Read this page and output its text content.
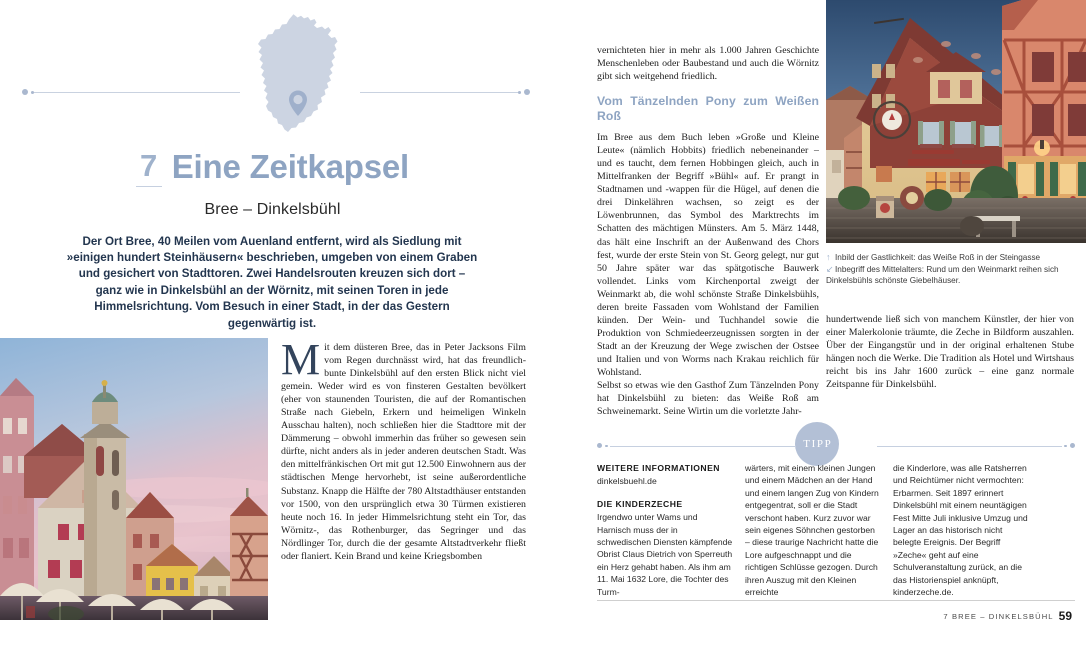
7 Eine Zeitkapsel
Bree – Dinkelsbühl

Der Ort Bree, 40 Meilen vom Auenland entfernt, wird als Siedlung mit »einigen hundert Steinhäusern« beschrieben, umgeben von einem Graben und gesichert von Stadttoren. Zwei Handelsrouten kreuzen sich dort – ganz wie in Dinkelsbühl an der Wörnitz, mit seinen Toren in jede Himmelsrichtung. Vom Besuch in einer Stadt, in der das Gestern gegenwärtig ist.

↑ Inbild der Gastlichkeit: das Weiße Roß in der Steingasse
↙Inbegriff des Mittelalters: Rund um den Weinmarkt reihen sich Dinkelsbühls schönste Giebelhäuser.
Mit dem düsteren Bree, das in Peter Jacksons Film vom Regen durchnässt wird, hat das freundlich-bunte Dinkelsbühl auf den ersten Blick nicht viel gemein. Weder wird es von finsteren Gestalten bevölkert (eher von staunenden Touristen, die auf der Romantischen Straße nach Giebeln, Erkern und heimeligen Winkeln Ausschau halten), noch schließen hier die Stadttore mit der Dämmerung – obwohl immerhin das früher so gewesen sein dürfte, nicht anders als in jeder anderen deutschen Stadt. Was den mittelfränkischen Ort mit gut 12.500 Einwohnern aus der städtischen Menge hervorhebt, ist seine außerordentliche Substanz. Knapp die Hälfte der 780 Altstadthäuser entstanden vor 1500, von den ursprünglich etwa 30 Türmen existieren heute noch 16. In jeder Himmelsrichtung steht ein Tor, das Wörnitz-, das Rothenburger, das Segringer und das Nördlinger Tor, durch die der gesamte Altstadtverkehr fließt oder flaniert. Kein Brand und keine Kriegsbomben

vernichteten hier in mehr als 1.000 Jahren Geschichte Menschenleben oder Baubestand und auch die Wörnitz gibt sich weitgehend friedlich.

Vom Tänzelnden Pony zum Weißen Roß

Im Bree aus dem Buch leben »Große und Kleine Leute« (nämlich Hobbits) friedlich nebeneinander – und es taucht, dem fernen Hobbingen gleich, auch in Mittelfranken der Begriff »Bühl« auf. Er prangt in Stadtnamen und -wappen für die Hügel, auf denen die drei Dinkelähren wachsen, so zeigt es der Löwenbrunnen, das Symbol des Marktrechts im Schatten des mächtigen Münsters. Am 5. März 1448, das hält eine Inschrift an der Außenwand des Chors fest, wurde der erste Stein von St. Georg gelegt, nur gut 50 Jahre später war das spätgotische Bauwerk vollendet. Links vom Kirchenportal zweigt der Weinmarkt ab, die wohl schönste Straße Dinkelsbühls, deren breite Fassaden vom Wohlstand der Familien künden. Der Wein- und Tuchhandel sowie die Produktion von Schmiedeerzeugnissen sorgten in der Stadt an der Kreuzung der Wege zwischen der Ostsee und Italien und von Worms nach Krakau reichlich für Wohlstand.

Selbst so etwas wie den Gasthof Zum Tänzelnden Pony hat Dinkelsbühl zu bieten: das Weiße Roß am Schweinemarkt. Seine Wirtin um die vorletzte Jahr-

hundertwende ließ sich von manchem Künstler, der hier von einer Malerkolonie träumte, die Zeche in Bildform auszahlen. Über der Eingangstür und in der original erhaltenen Stube hängen noch die Werke. Die Tradition als Hotel und Wirtshaus reicht bis ins Jahr 1600 zurück – eine ganz normale Zeitspanne für Dinkelsbühl.
TIPP
WEITERE INFORMATIONEN

dinkelsbuehl.de

DIE KINDERZECHE

Irgendwo unter Wams und Harnisch muss der in schwedischen Diensten kämpfende Obrist Claus Dietrich von Sperreuth ein Herz gehabt haben. Als ihm am 11. Mai 1632 Lore, die Tochter des Turm-

wärters, mit einem kleinen Jungen und einem Mädchen an der Hand und einem langen Zug von Kindern entgegentrat, soll er die Stadt verschont haben. Kurz zuvor war sein eigenes Söhnchen gestorben – diese traurige Nachricht hatte die Lore aufgeschnappt und die richtigen Schlüsse gezogen. Durch ihren Auszug mit den Kleinen erreichte

die Kinderlore, was alle Ratsherren und Reichtümer nicht vermochten: Erbarmen. Seit 1897 erinnert Dinkelsbühl mit einem neuntägigen Fest Mitte Juli inklusive Umzug und Lager an das historisch nicht belegte Ereignis. Der Begriff »Zeche« geht auf eine Schulveranstaltung zurück, an die das Historienspiel anknüpft, kinderzeche.de.

7 BREE – DINKELSBÜHL 59
